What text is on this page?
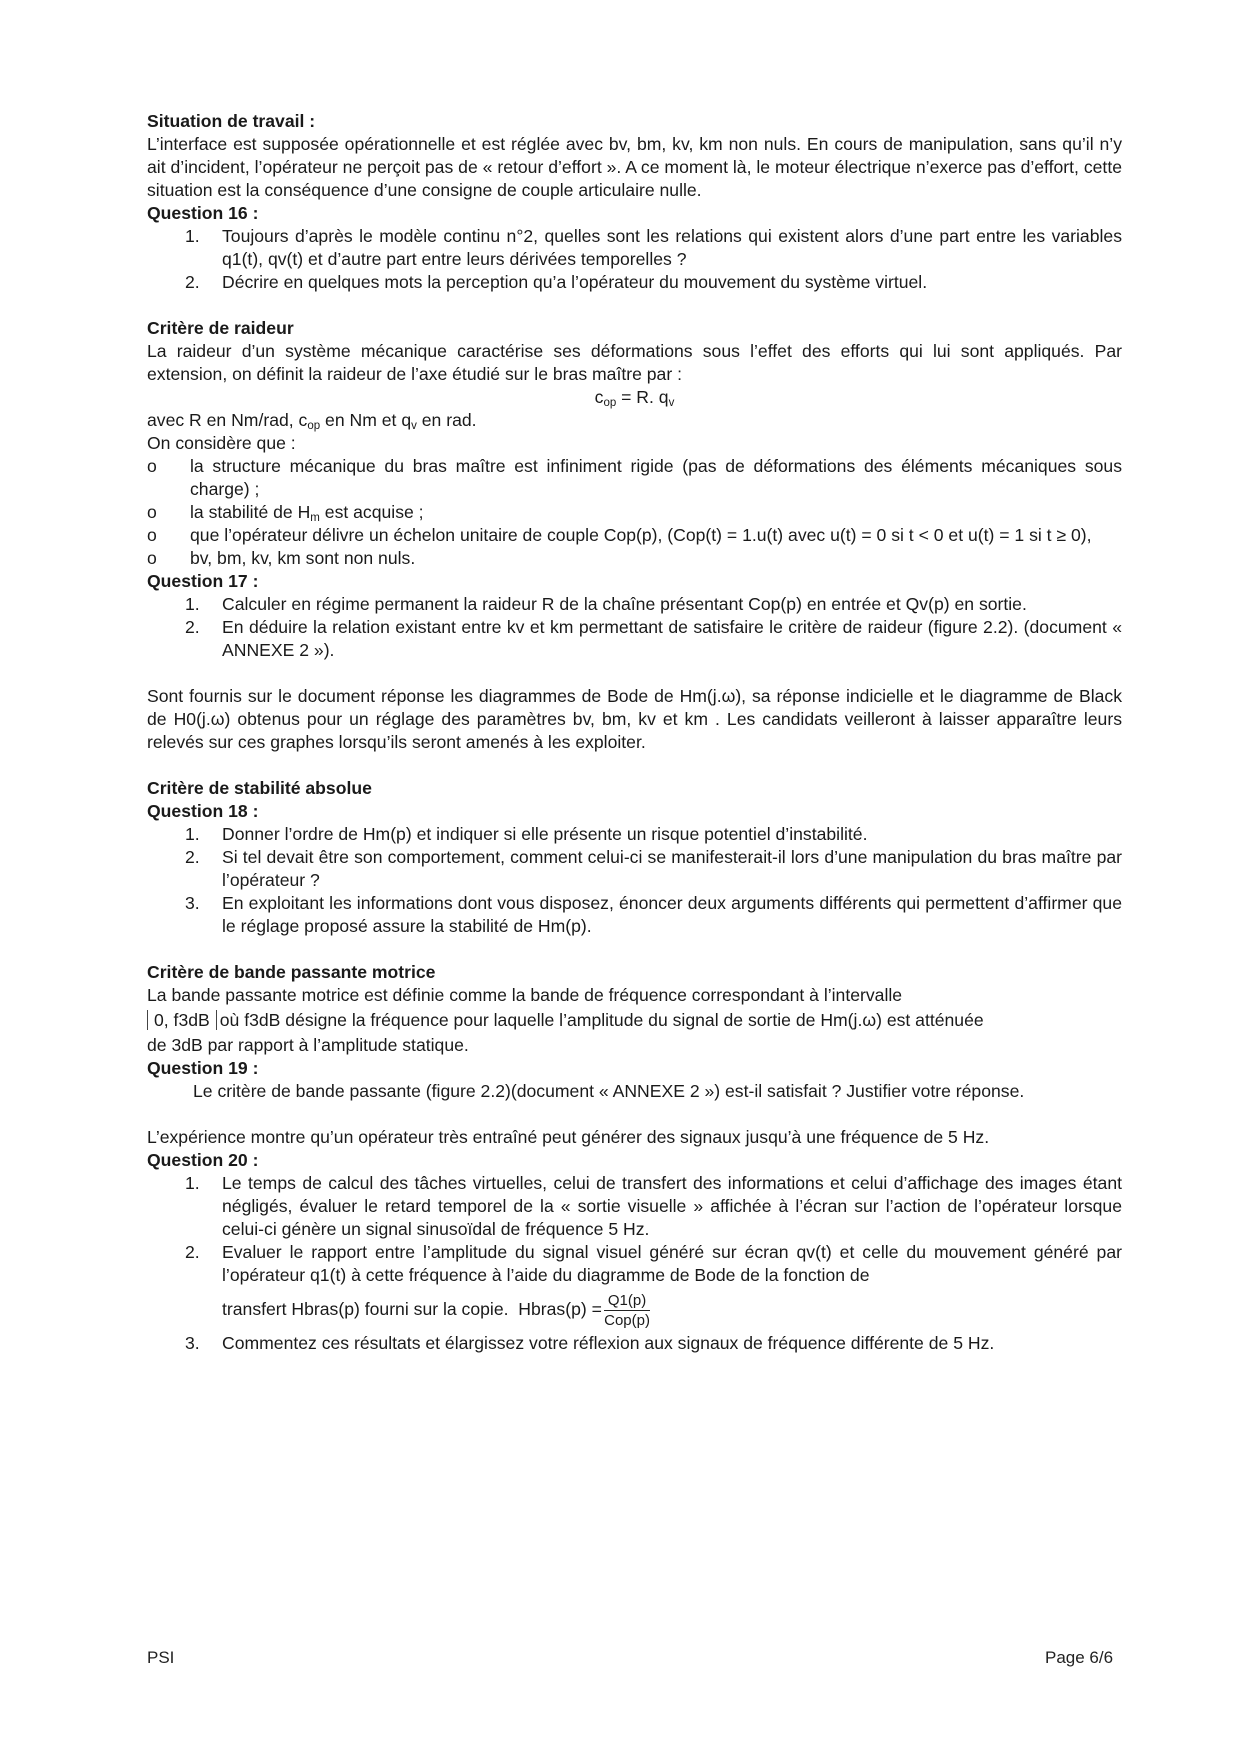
Situation de travail :

L’interface est supposée opérationnelle et est réglée avec bv, bm, kv, km non nuls. En cours de manipulation, sans qu’il n’y ait d’incident, l’opérateur ne perçoit pas de « retour d’effort ». A ce moment là, le moteur électrique n’exerce pas d’effort, cette situation est la conséquence d’une consigne de couple articulaire nulle.

Question 16 :

1. Toujours d’après le modèle continu n°2, quelles sont les relations qui existent alors d’une part entre les variables q1(t), qv(t) et d’autre part entre leurs dérivées temporelles ?
2. Décrire en quelques mots la perception qu’a l’opérateur du mouvement du système virtuel.

Critère de raideur

La raideur d’un système mécanique caractérise ses déformations sous l’effet des efforts qui lui sont appliqués. Par extension, on définit la raideur de l’axe étudié sur le bras maître par :

$c_{op} = R$. $q_v$

avec R en Nm/rad, $c_{op}$ en Nm et $q_v$ en rad.

On considère que :

o la structure mécanique du bras maître est infiniment rigide (pas de déformations des éléments mécaniques sous charge) ;
o la stabilité de $H_m$ est acquise ;
o que l’opérateur délivre un échelon unitaire de couple Cop(p), (Cop(t) = 1.u(t) avec u(t) = 0 si t < 0 et u(t) = 1 si t ≥ 0),
o bv, bm, kv, km sont non nuls.

Question 17 :

1. Calculer en régime permanent la raideur R de la chaîne présentant Cop(p) en entrée et Qv(p) en sortie.
2. En déduire la relation existant entre kv et km permettant de satisfaire le critère de raideur (figure 2.2). (document « ANNEXE 2 »).

Sont fournis sur le document réponse les diagrammes de Bode de Hm(j.ω), sa réponse indicielle et le diagramme de Black de H0(j.ω) obtenus pour un réglage des paramètres bv, bm, kv et km . Les candidats veilleront à laisser apparaître leurs relevés sur ces graphes lorsqu’ils seront amenés à les exploiter.

Critère de stabilité absolue

Question 18 :

1. Donner l’ordre de Hm(p) et indiquer si elle présente un risque potentiel d’instabilité.
2. Si tel devait être son comportement, comment celui-ci se manifesterait-il lors d’une manipulation du bras maître par l’opérateur ?
3. En exploitant les informations dont vous disposez, énoncer deux arguments différents qui permettent d’affirmer que le réglage proposé assure la stabilité de Hm(p).

Critère de bande passante motrice

La bande passante motrice est définie comme la bande de fréquence correspondant à l’intervalle

0, f3dB où f3dB désigne la fréquence pour laquelle l’amplitude du signal de sortie de Hm(j.ω) est atténuée

de 3dB par rapport à l’amplitude statique.

Question 19 :

Le critère de bande passante (figure 2.2)(document « ANNEXE 2 ») est-il satisfait ? Justifier votre réponse.

L’expérience montre qu’un opérateur très entraîné peut générer des signaux jusqu’à une fréquence de 5 Hz.

Question 20 :

1. Le temps de calcul des tâches virtuelles, celui de transfert des informations et celui d’affichage des images étant négligés, évaluer le retard temporel de la « sortie visuelle » affichée à l’écran sur l’action de l’opérateur lorsque celui-ci génère un signal sinusoïdal de fréquence 5 Hz.
2. Evaluer le rapport entre l’amplitude du signal visuel généré sur écran qv(t) et celle du mouvement généré par l’opérateur q1(t) à cette fréquence à l’aide du diagramme de Bode de la fonction de
transfert Hbras(p) fourni sur la copie. Hbras(p) = $\frac{Q1(p)}{\text{Cop(p)}}$
3. Commentez ces résultats et élargissez votre réflexion aux signaux de fréquence différente de 5 Hz.
PSI	Page 6/6
